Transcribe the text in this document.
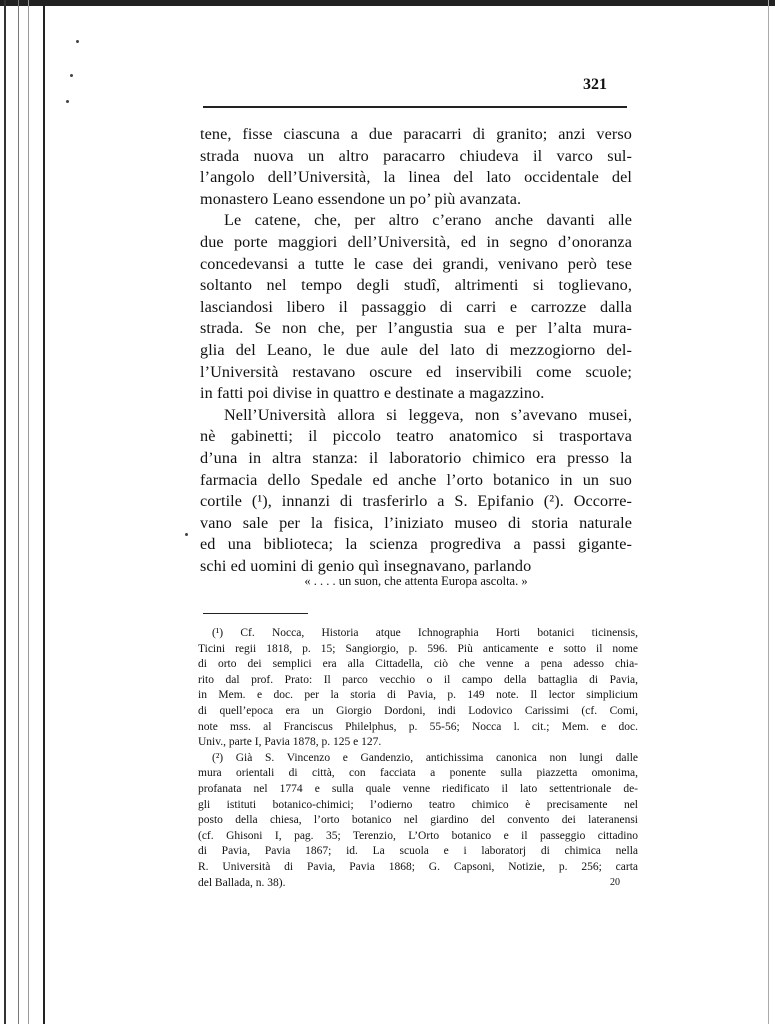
321

tene, fisse ciascuna a due paracarri di granito; anzi verso

strada nuova un altro paracarro chiudeva il varco sul-

l’angolo dell’Università, la linea del lato occidentale del

monastero Leano essendone un po’ più avanzata.

Le catene, che, per altro c’erano anche davanti alle

due porte maggiori dell’Università, ed in segno d’onoranza

concedevansi a tutte le case dei grandi, venivano però tese

soltanto nel tempo degli studî, altrimenti si toglievano,

lasciandosi libero il passaggio di carri e carrozze dalla

strada. Se non che, per l’angustia sua e per l’alta mura-

glia del Leano, le due aule del lato di mezzogiorno del-

l’Università restavano oscure ed inservibili come scuole;

in fatti poi divise in quattro e destinate a magazzino.

Nell’Università allora si leggeva, non s’avevano musei,

nè gabinetti; il piccolo teatro anatomico si trasportava

d’una in altra stanza: il laboratorio chimico era presso la

farmacia dello Spedale ed anche l’orto botanico in un suo

cortile (¹), innanzi di trasferirlo a S. Epifanio (²). Occorre-

vano sale per la fisica, l’iniziato museo di storia naturale

ed una biblioteca; la scienza progrediva a passi gigante-

schi ed uomini di genio quì insegnavano, parlando

« . . . . un suon, che attenta Europa ascolta. »

(¹) Cf. Nocca, Historia atque Ichnographia Horti botanici ticinensis,

Ticini regii 1818, p. 15; Sangiorgio, p. 596. Più anticamente e sotto il nome

di orto dei semplici era alla Cittadella, ciò che venne a pena adesso chia-

rito dal prof. Prato: Il parco vecchio o il campo della battaglia di Pavia,

in Mem. e doc. per la storia di Pavia, p. 149 note. Il lector simplicium

di quell’epoca era un Giorgio Dordoni, indi Lodovico Carissimi (cf. Comi,

note mss. al Franciscus Philelphus, p. 55-56; Nocca l. cit.; Mem. e doc.

Univ., parte I, Pavia 1878, p. 125 e 127.

(²) Già S. Vincenzo e Gandenzio, antichissima canonica non lungi dalle

mura orientali di città, con facciata a ponente sulla piazzetta omonima,

profanata nel 1774 e sulla quale venne riedificato il lato settentrionale de-

gli istituti botanico-chimici; l’odierno teatro chimico è precisamente nel

posto della chiesa, l’orto botanico nel giardino del convento dei lateranensi

(cf. Ghisoni I, pag. 35; Terenzio, L’Orto botanico e il passeggio cittadino

di Pavia, Pavia 1867; id. La scuola e i laboratorj di chimica nella

R. Università di Pavia, Pavia 1868; G. Capsoni, Notizie, p. 256; carta

del Ballada, n. 38).	20
